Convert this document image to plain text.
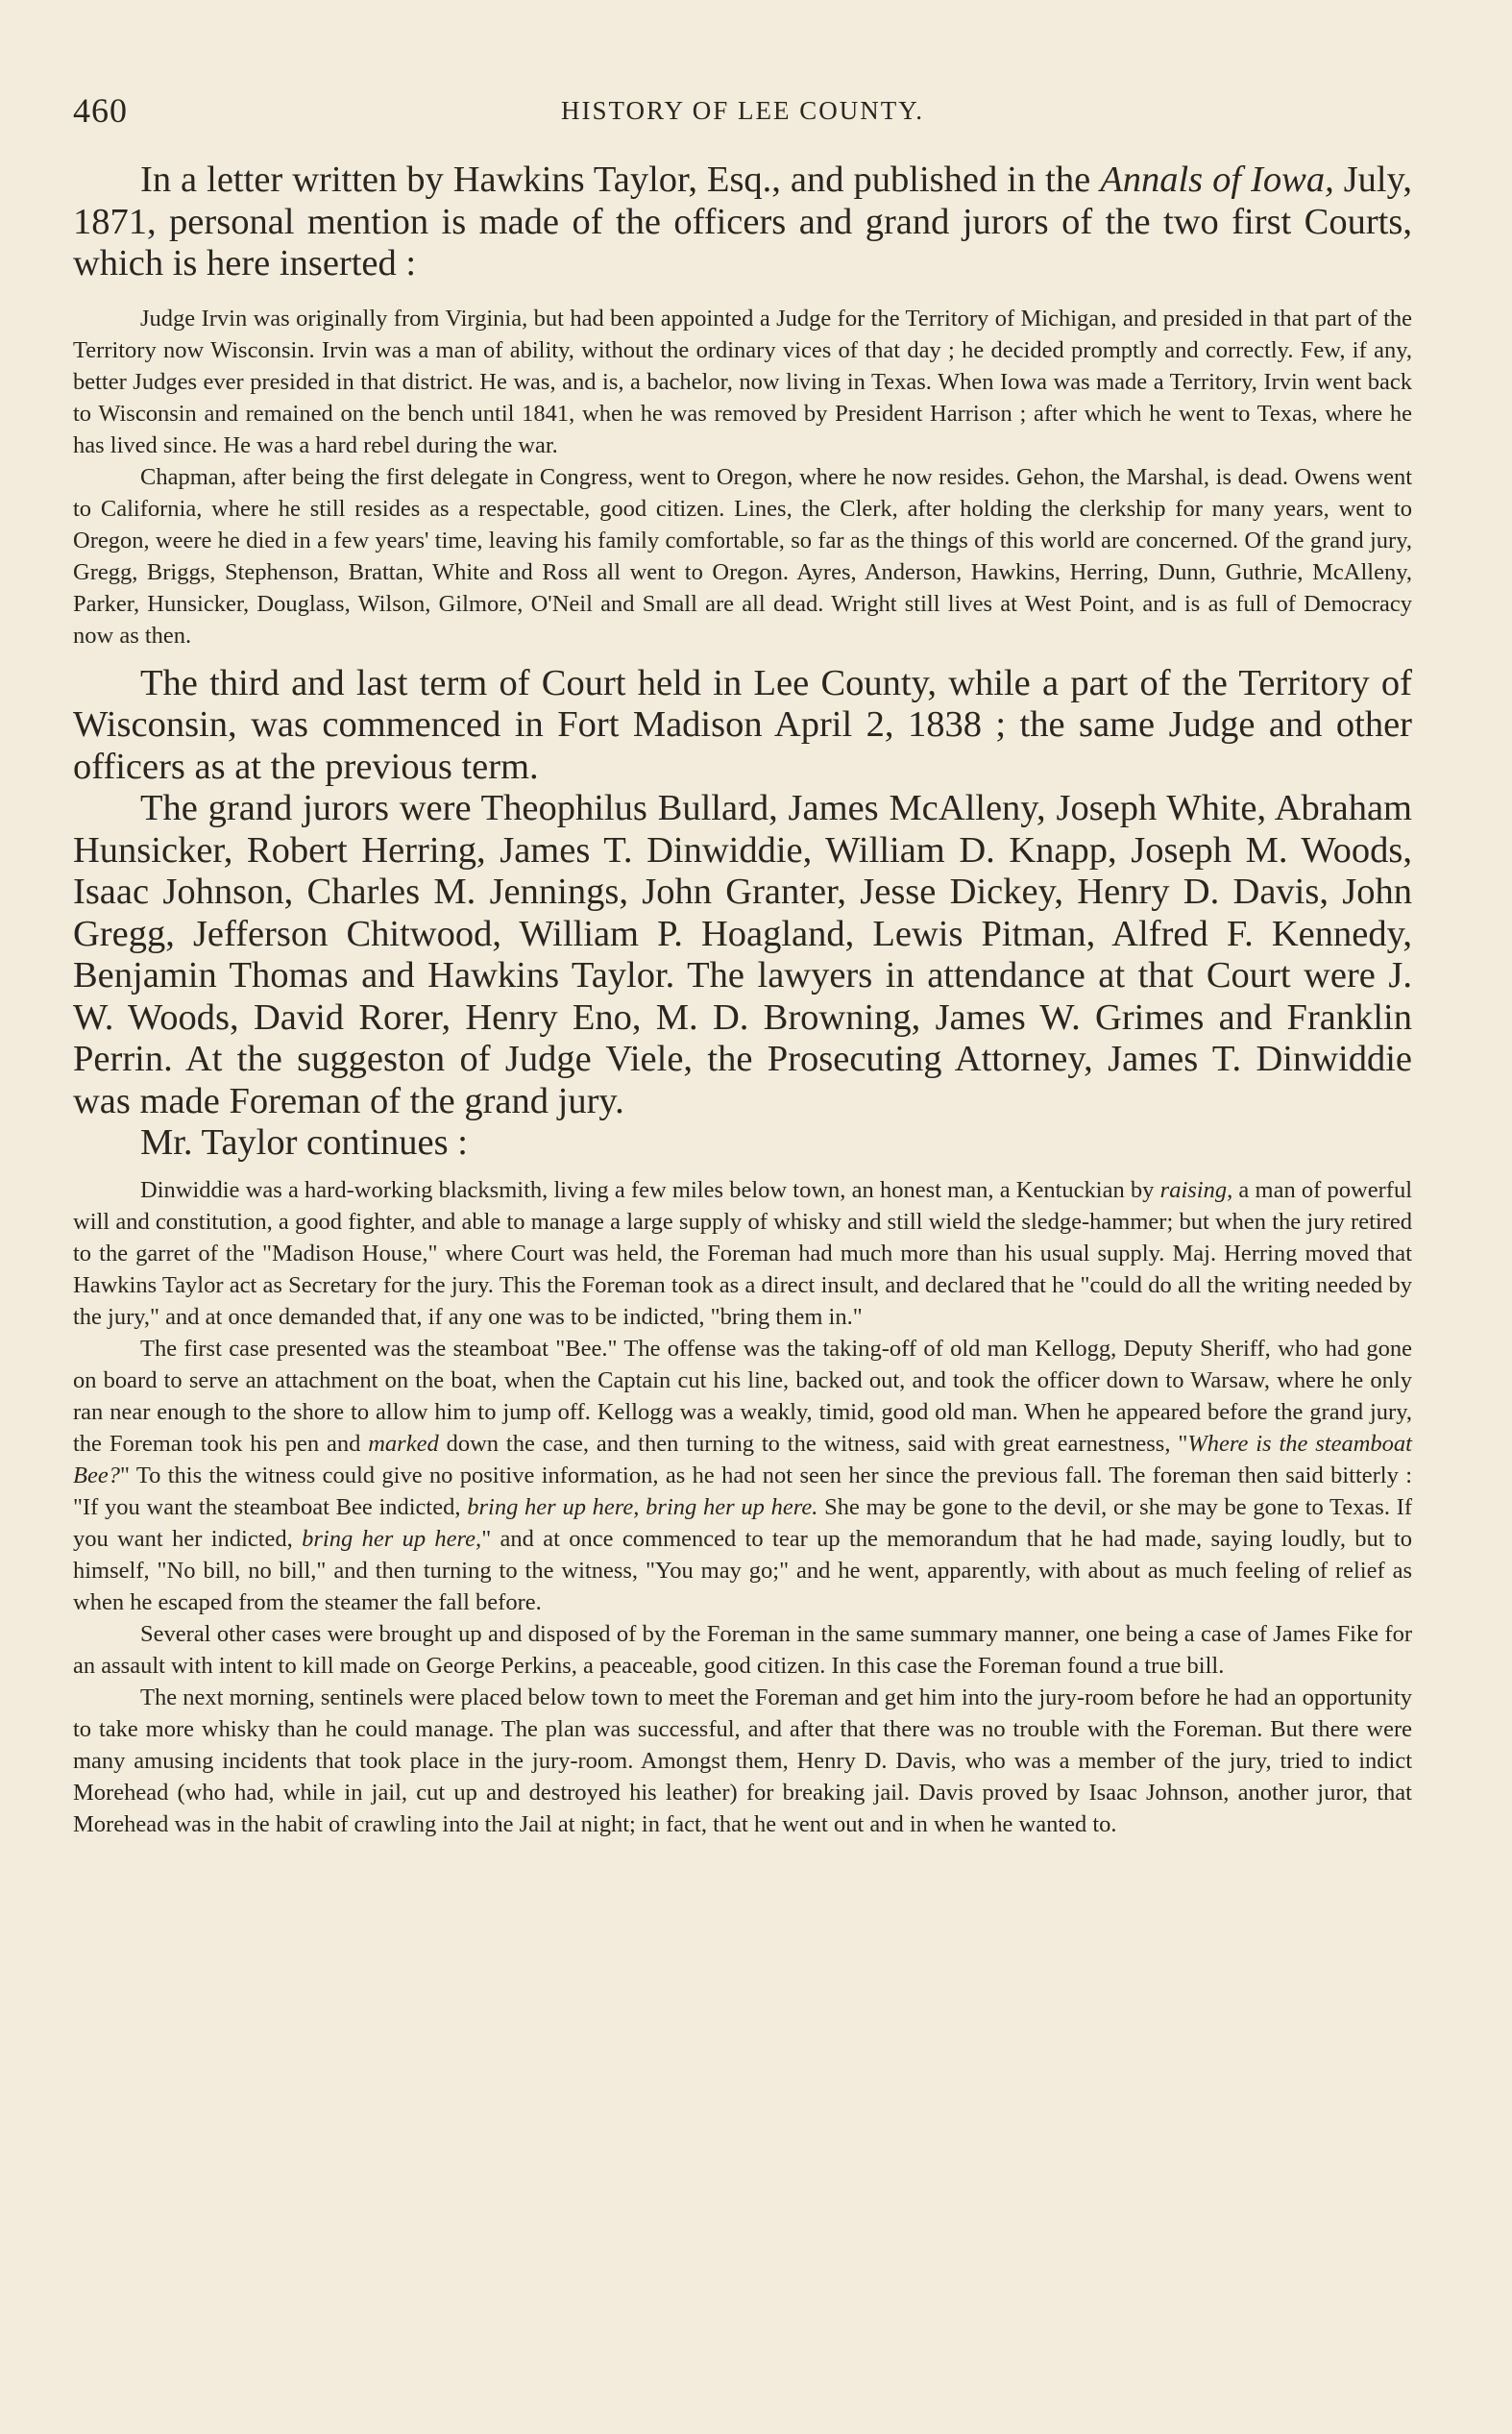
460	HISTORY OF LEE COUNTY.

In a letter written by Hawkins Taylor, Esq., and published in the Annals of Iowa, July, 1871, personal mention is made of the officers and grand jurors of the two first Courts, which is here inserted :

Judge Irvin was originally from Virginia, but had been appointed a Judge for the Territory of Michigan, and presided in that part of the Territory now Wisconsin. Irvin was a man of ability, without the ordinary vices of that day ; he decided promptly and correctly. Few, if any, better Judges ever presided in that district. He was, and is, a bachelor, now living in Texas. When Iowa was made a Territory, Irvin went back to Wisconsin and remained on the bench until 1841, when he was removed by President Harrison ; after which he went to Texas, where he has lived since. He was a hard rebel during the war.

Chapman, after being the first delegate in Congress, went to Oregon, where he now resides. Gehon, the Marshal, is dead. Owens went to California, where he still resides as a respectable, good citizen. Lines, the Clerk, after holding the clerkship for many years, went to Oregon, weere he died in a few years' time, leaving his family comfortable, so far as the things of this world are concerned. Of the grand jury, Gregg, Briggs, Stephenson, Brattan, White and Ross all went to Oregon. Ayres, Anderson, Hawkins, Herring, Dunn, Guthrie, McAlleny, Parker, Hunsicker, Douglass, Wilson, Gilmore, O'Neil and Small are all dead. Wright still lives at West Point, and is as full of Democracy now as then.

The third and last term of Court held in Lee County, while a part of the Territory of Wisconsin, was commenced in Fort Madison April 2, 1838 ; the same Judge and other officers as at the previous term.

The grand jurors were Theophilus Bullard, James McAlleny, Joseph White, Abraham Hunsicker, Robert Herring, James T. Dinwiddie, William D. Knapp, Joseph M. Woods, Isaac Johnson, Charles M. Jennings, John Granter, Jesse Dickey, Henry D. Davis, John Gregg, Jefferson Chitwood, William P. Hoagland, Lewis Pitman, Alfred F. Kennedy, Benjamin Thomas and Hawkins Taylor. The lawyers in attendance at that Court were J. W. Woods, David Rorer, Henry Eno, M. D. Browning, James W. Grimes and Franklin Perrin. At the suggeston of Judge Viele, the Prosecuting Attorney, James T. Dinwiddie was made Foreman of the grand jury.

Mr. Taylor continues :

Dinwiddie was a hard-working blacksmith, living a few miles below town, an honest man, a Kentuckian by raising, a man of powerful will and constitution, a good fighter, and able to manage a large supply of whisky and still wield the sledge-hammer; but when the jury retired to the garret of the "Madison House," where Court was held, the Foreman had much more than his usual supply. Maj. Herring moved that Hawkins Taylor act as Secretary for the jury. This the Foreman took as a direct insult, and declared that he "could do all the writing needed by the jury," and at once demanded that, if any one was to be indicted, "bring them in."

The first case presented was the steamboat "Bee." The offense was the taking-off of old man Kellogg, Deputy Sheriff, who had gone on board to serve an attachment on the boat, when the Captain cut his line, backed out, and took the officer down to Warsaw, where he only ran near enough to the shore to allow him to jump off. Kellogg was a weakly, timid, good old man. When he appeared before the grand jury, the Foreman took his pen and marked down the case, and then turning to the witness, said with great earnestness, "Where is the steamboat Bee?" To this the witness could give no positive information, as he had not seen her since the previous fall. The foreman then said bitterly : "If you want the steamboat Bee indicted, bring her up here, bring her up here. She may be gone to the devil, or she may be gone to Texas. If you want her indicted, bring her up here," and at once commenced to tear up the memorandum that he had made, saying loudly, but to himself, "No bill, no bill," and then turning to the witness, "You may go;" and he went, apparently, with about as much feeling of relief as when he escaped from the steamer the fall before.

Several other cases were brought up and disposed of by the Foreman in the same summary manner, one being a case of James Fike for an assault with intent to kill made on George Perkins, a peaceable, good citizen. In this case the Foreman found a true bill.

The next morning, sentinels were placed below town to meet the Foreman and get him into the jury-room before he had an opportunity to take more whisky than he could manage. The plan was successful, and after that there was no trouble with the Foreman. But there were many amusing incidents that took place in the jury-room. Amongst them, Henry D. Davis, who was a member of the jury, tried to indict Morehead (who had, while in jail, cut up and destroyed his leather) for breaking jail. Davis proved by Isaac Johnson, another juror, that Morehead was in the habit of crawling into the Jail at night; in fact, that he went out and in when he wanted to.
